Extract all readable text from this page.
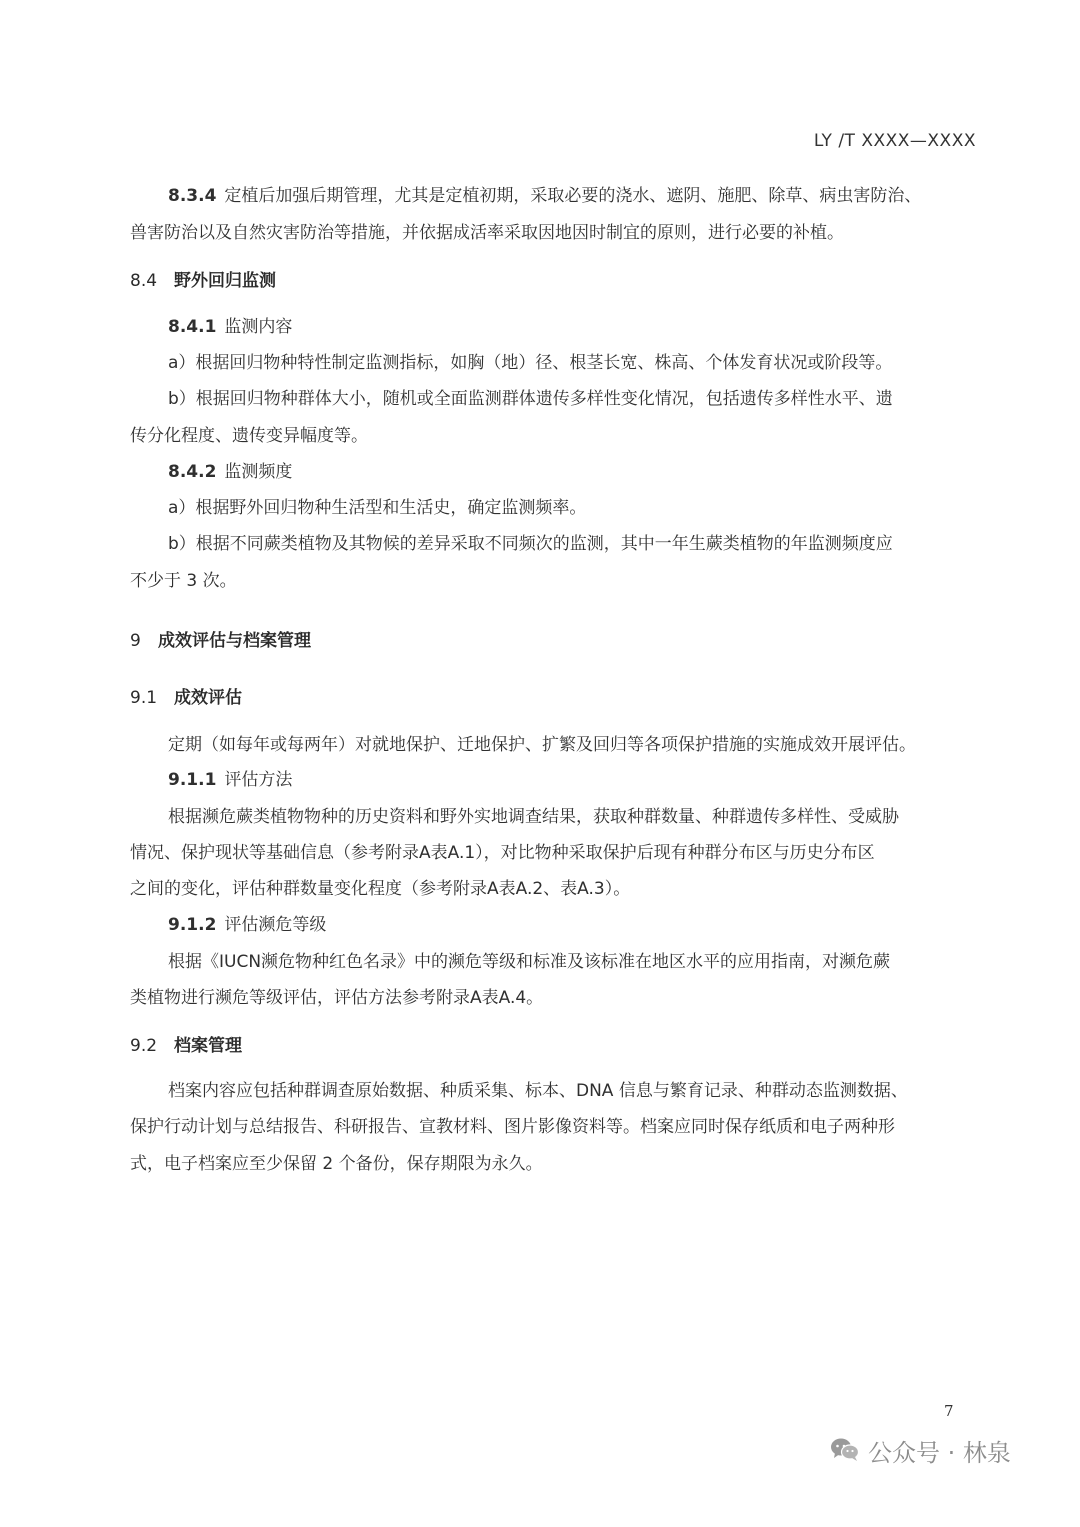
LY /T XXXX—XXXX
8.3.4 定植后加强后期管理，尤其是定植初期，采取必要的浇水、遮阴、施肥、除草、病虫害防治、
兽害防治以及自然灾害防治等措施，并依据成活率采取因地因时制宜的原则，进行必要的补植。
8.4 野外回归监测
8.4.1 监测内容
a）根据回归物种特性制定监测指标，如胸（地）径、根茎长宽、株高、个体发育状况或阶段等。
b）根据回归物种群体大小，随机或全面监测群体遗传多样性变化情况，包括遗传多样性水平、遗
传分化程度、遗传变异幅度等。
8.4.2 监测频度
a）根据野外回归物种生活型和生活史，确定监测频率。
b）根据不同蕨类植物及其物候的差异采取不同频次的监测，其中一年生蕨类植物的年监测频度应
不少于 3 次。
9 成效评估与档案管理
9.1 成效评估
定期（如每年或每两年）对就地保护、迁地保护、扩繁及回归等各项保护措施的实施成效开展评估。
9.1.1 评估方法
根据濒危蕨类植物物种的历史资料和野外实地调查结果，获取种群数量、种群遗传多样性、受威胁
情况、保护现状等基础信息（参考附录A表A.1），对比物种采取保护后现有种群分布区与历史分布区
之间的变化，评估种群数量变化程度（参考附录A表A.2、表A.3）。
9.1.2 评估濒危等级
根据《IUCN濒危物种红色名录》中的濒危等级和标准及该标准在地区水平的应用指南，对濒危蕨
类植物进行濒危等级评估，评估方法参考附录A表A.4。
9.2 档案管理
档案内容应包括种群调查原始数据、种质采集、标本、DNA 信息与繁育记录、种群动态监测数据、
保护行动计划与总结报告、科研报告、宣教材料、图片影像资料等。档案应同时保存纸质和电子两种形
式，电子档案应至少保留 2 个备份，保存期限为永久。
7
公众号 · 林泉
